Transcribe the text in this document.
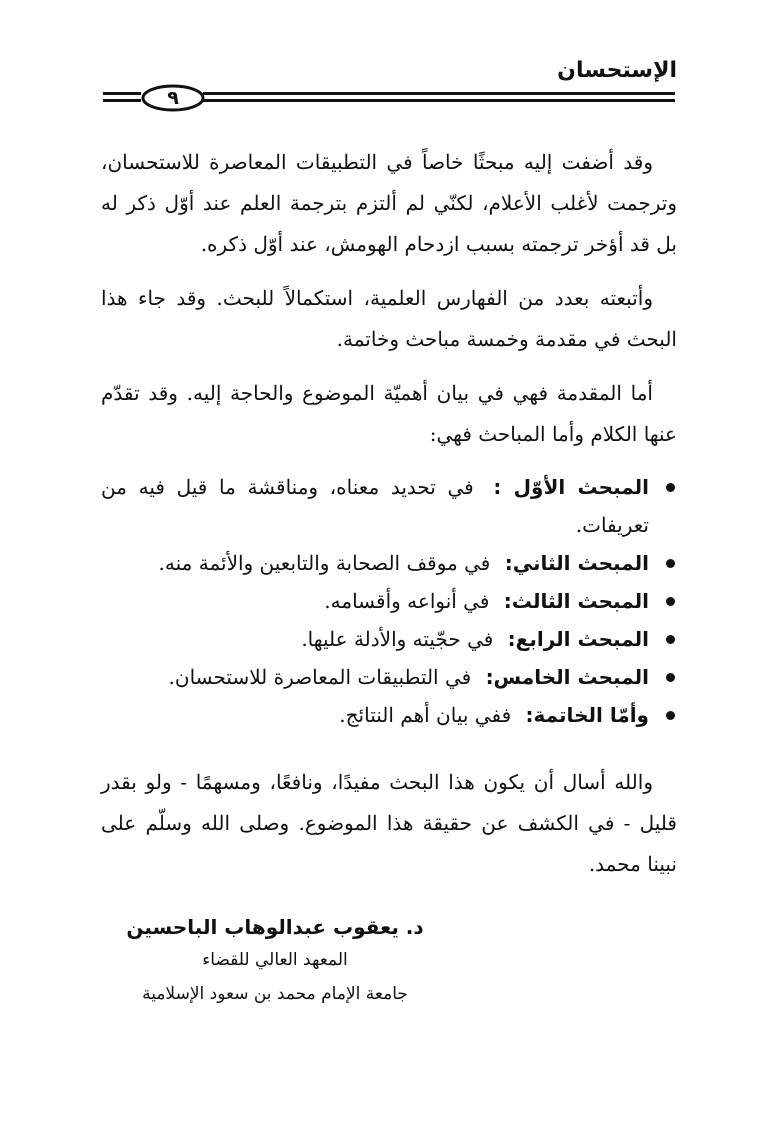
الإستحسان
٩

وقد أضفت إليه مبحثًا خاصاً في التطبيقات المعاصرة للاستحسان، وترجمت لأغلب الأعلام، لكنّي لم ألتزم بترجمة العلم عند أوّل ذكر له بل قد أؤخر ترجمته بسبب ازدحام الهومش، عند أوّل ذكره.

وأتبعته بعدد من الفهارس العلمية، استكمالاً للبحث. وقد جاء هذا البحث في مقدمة وخمسة مباحث وخاتمة.

أما المقدمة فهي في بيان أهميّة الموضوع والحاجة إليه. وقد تقدّم عنها الكلام وأما المباحث فهي:

المبحث الأوّل : في تحديد معناه، ومناقشة ما قيل فيه من تعريفات.
المبحث الثاني: في موقف الصحابة والتابعين والأئمة منه.
المبحث الثالث: في أنواعه وأقسامه.
المبحث الرابع: في حجّيته والأدلة عليها.
المبحث الخامس: في التطبيقات المعاصرة للاستحسان.
وأمّا الخاتمة: ففي بيان أهم النتائج.

والله أسال أن يكون هذا البحث مفيدًا، ونافعًا، ومسهمًا - ولو بقدر قليل - في الكشف عن حقيقة هذا الموضوع. وصلى الله وسلّم على نبينا محمد.

د. يعقوب عبدالوهاب الباحسين

المعهد العالي للقضاء

جامعة الإمام محمد بن سعود الإسلامية
